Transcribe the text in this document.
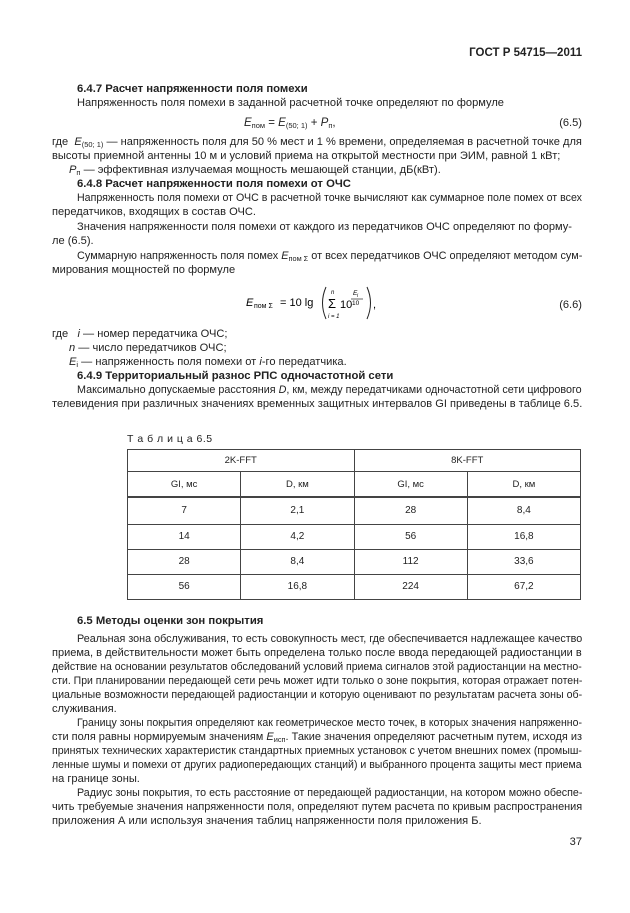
ГОСТ Р 54715—2011
6.4.7 Расчет напряженности поля помехи
Напряженность поля помехи в заданной расчетной точке определяют по формуле
$E_{пом} = E_{(50; 1)} + P_п$,	(6.5)
где $E_{(50; 1)}$ — напряженность поля для 50 % мест и 1 % времени, определяемая в расчетной точке для
высоты приемной антенны 10 м и условий приема на открытой местности при ЭИМ, равной 1 кВт;
$P_п$ — эффективная излучаемая мощность мешающей станции, дБ(кВт).
6.4.8 Расчет напряженности поля помехи от ОЧС
Напряженность поля помехи от ОЧС в расчетной точке вычисляют как суммарное поле помех от всех
передатчиков, входящих в состав ОЧС.
Значения напряженности поля помехи от каждого из передатчиков ОЧС определяют по форму-
ле (6.5).
Суммарную напряженность поля помех $E_{пом \Sigma}$ от всех передатчиков ОЧС определяют методом сум-
мирования мощностей по формуле
E пом Σ = 10 lg
n
Σ
i = 1
10
E i
10 ,	(6.6)
где i — номер передатчика ОЧС;
n — число передатчиков ОЧС;
$E_i$ — напряженность поля помехи от i-го передатчика.
6.4.9 Территориальный разнос РПС одночастотной сети
Максимально допускаемые расстояния D, км, между передатчиками одночастотной сети цифрового
телевидения при различных значениях временных защитных интервалов GI приведены в таблице 6.5.
Т а б л и ц а 6.5
2K-FFT		8K-FFT	
GI, мс	D, км	GI, мс	D, км
7	2,1	28	8,4
14	4,2	56	16,8
28	8,4	112	33,6
56	16,8	224	67,2
6.5 Методы оценки зон покрытия
Реальная зона обслуживания, то есть совокупность мест, где обеспечивается надлежащее качество
приема, в действительности может быть определена только после ввода передающей радиостанции в
действие на основании результатов обследований условий приема сигналов этой радиостанции на местно-
сти. При планировании передающей сети речь может идти только о зоне покрытия, которая отражает потен-
циальные возможности передающей радиостанции и которую оценивают по результатам расчета зоны об-
служивания.
Границу зоны покрытия определяют как геометрическое место точек, в которых значения напряженно-
сти поля равны нормируемым значениям $E_{исп}$. Такие значения определяют расчетным путем, исходя из
принятых технических характеристик стандартных приемных установок с учетом внешних помех (промыш-
ленные шумы и помехи от других радиопередающих станций) и выбранного процента защиты мест приема
на границе зоны.
Радиус зоны покрытия, то есть расстояние от передающей радиостанции, на котором можно обеспе-
чить требуемые значения напряженности поля, определяют путем расчета по кривым распространения
приложения А или используя значения таблиц напряженности поля приложения Б.
37
